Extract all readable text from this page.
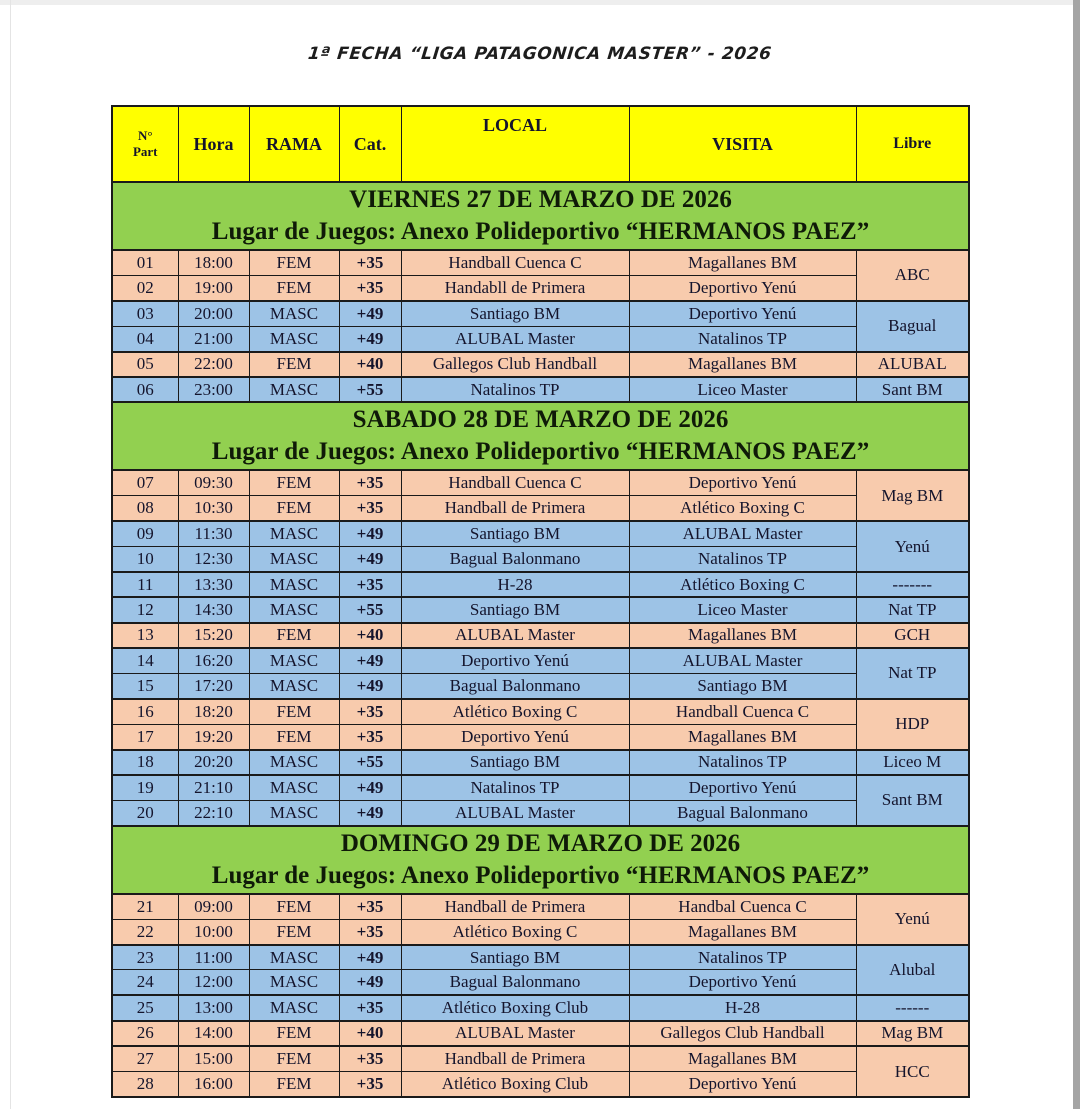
1ª FECHA “LIGA PATAGONICA MASTER” - 2026
N°
Part	Hora	RAMA	Cat.	LOCAL	VISITA	Libre

VIERNES 27 DE MARZO DE 2026
Lugar de Juegos: Anexo Polideportivo “HERMANOS PAEZ”						

01	18:00	FEM	+35	Handball Cuenca C	Magallanes BM	ABC
02	19:00	FEM	+35	Handabll de Primera	Deportivo Yenú	
03	20:00	MASC	+49	Santiago BM	Deportivo Yenú	Bagual
04	21:00	MASC	+49	ALUBAL Master	Natalinos TP	
05	22:00	FEM	+40	Gallegos Club Handball	Magallanes BM	ALUBAL
06	23:00	MASC	+55	Natalinos TP	Liceo Master	Sant BM

SABADO 28 DE MARZO DE 2026
Lugar de Juegos: Anexo Polideportivo “HERMANOS PAEZ”						

07	09:30	FEM	+35	Handball Cuenca C	Deportivo Yenú	Mag BM
08	10:30	FEM	+35	Handball de Primera	Atlético Boxing C	
09	11:30	MASC	+49	Santiago BM	ALUBAL Master	Yenú
10	12:30	MASC	+49	Bagual Balonmano	Natalinos TP	
11	13:30	MASC	+35	H-28	Atlético Boxing C	-------
12	14:30	MASC	+55	Santiago BM	Liceo Master	Nat TP
13	15:20	FEM	+40	ALUBAL Master	Magallanes BM	GCH
14	16:20	MASC	+49	Deportivo Yenú	ALUBAL Master	Nat TP
15	17:20	MASC	+49	Bagual Balonmano	Santiago BM	
16	18:20	FEM	+35	Atlético Boxing C	Handball Cuenca C	HDP
17	19:20	FEM	+35	Deportivo Yenú	Magallanes BM	
18	20:20	MASC	+55	Santiago BM	Natalinos TP	Liceo M
19	21:10	MASC	+49	Natalinos TP	Deportivo Yenú	Sant BM
20	22:10	MASC	+49	ALUBAL Master	Bagual Balonmano	

DOMINGO 29 DE MARZO DE 2026
Lugar de Juegos: Anexo Polideportivo “HERMANOS PAEZ”						

21	09:00	FEM	+35	Handball de Primera	Handbal Cuenca C	Yenú
22	10:00	FEM	+35	Atlético Boxing C	Magallanes BM	
23	11:00	MASC	+49	Santiago BM	Natalinos TP	Alubal
24	12:00	MASC	+49	Bagual Balonmano	Deportivo Yenú	
25	13:00	MASC	+35	Atlético Boxing Club	H-28	------
26	14:00	FEM	+40	ALUBAL Master	Gallegos Club Handball	Mag BM
27	15:00	FEM	+35	Handball de Primera	Magallanes BM	HCC
28	16:00	FEM	+35	Atlético Boxing Club	Deportivo Yenú	
